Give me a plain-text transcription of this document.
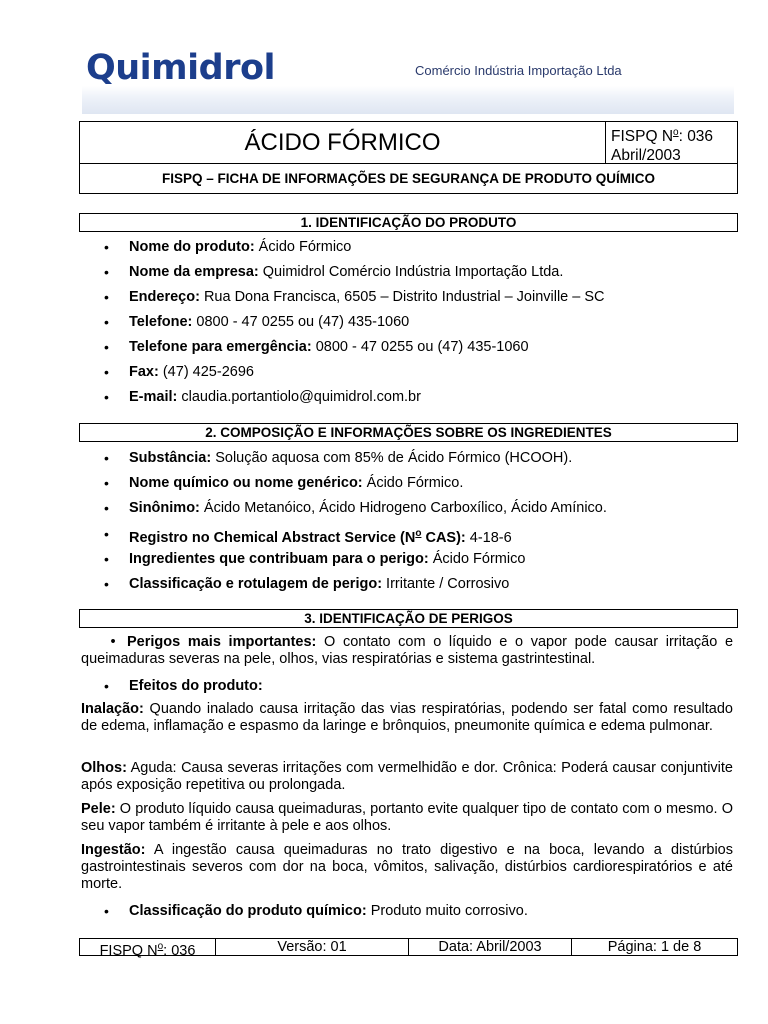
Quimidrol	Comércio Indústria Importação Ltda
ÁCIDO FÓRMICO	FISPQ $N^o$: 036
Abril/2003
FISPQ – FICHA DE INFORMAÇÕES DE SEGURANÇA DE PRODUTO QUÍMICO
1. IDENTIFICAÇÃO DO PRODUTO
• Nome do produto: Ácido Fórmico
• Nome da empresa: Quimidrol Comércio Indústria Importação Ltda.
• Endereço: Rua Dona Francisca, 6505 – Distrito Industrial – Joinville – SC
• Telefone: 0800 - 47 0255 ou (47) 435-1060
• Telefone para emergência: 0800 - 47 0255 ou (47) 435-1060
• Fax: (47) 425-2696
• E-mail: claudia.portantiolo@quimidrol.com.br
2. COMPOSIÇÃO E INFORMAÇÕES SOBRE OS INGREDIENTES
• Substância: Solução aquosa com 85% de Ácido Fórmico (HCOOH).
• Nome químico ou nome genérico: Ácido Fórmico.
• Sinônimo: Ácido Metanóico, Ácido Hidrogeno Carboxílico, Ácido Amínico.
• Registro no Chemical Abstract Service ($N^o$ CAS): 4-18-6
• Ingredientes que contribuam para o perigo: Ácido Fórmico
• Classificação e rotulagem de perigo: Irritante / Corrosivo
3. IDENTIFICAÇÃO DE PERIGOS
• Perigos mais importantes: O contato com o líquido e o vapor pode causar irritação e queimaduras severas na pele, olhos, vias respiratórias e sistema gastrintestinal.
• Efeitos do produto:
Inalação: Quando inalado causa irritação das vias respiratórias, podendo ser fatal como resultado de edema, inflamação e espasmo da laringe e brônquios, pneumonite química e edema pulmonar.
Olhos: Aguda: Causa severas irritações com vermelhidão e dor. Crônica: Poderá causar conjuntivite após exposição repetitiva ou prolongada.
Pele: O produto líquido causa queimaduras, portanto evite qualquer tipo de contato com o mesmo. O seu vapor também é irritante à pele e aos olhos.
Ingestão: A ingestão causa queimaduras no trato digestivo e na boca, levando a distúrbios gastrointestinais severos com dor na boca, vômitos, salivação, distúrbios cardiorespiratórios e até morte.
• Classificação do produto químico: Produto muito corrosivo.
FISPQ $N^o$: 036	Versão: 01	Data: Abril/2003	Página: 1 de 8
